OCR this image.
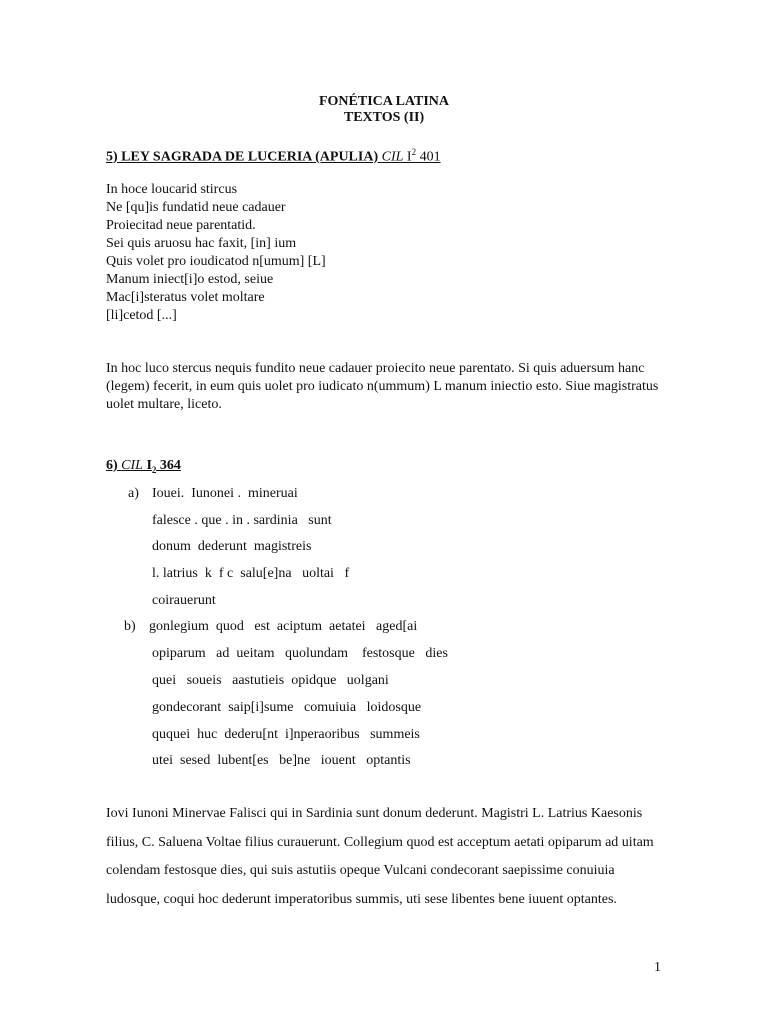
FONÉTICA LATINA
TEXTOS (II)
5) LEY SAGRADA DE LUCERIA (APULIA) CIL $I^2$ 401
In hoce loucarid stircus
Ne [qu]is fundatid neue cadauer
Proiecitad neue parentatid.
Sei quis aruosu hac faxit, [in] ium
Quis volet pro ioudicatod n[umum] [L]
Manum iniect[i]o estod, seiue
Mac[i]steratus volet moltare
[li]cetod [...]
In hoc luco stercus nequis fundito neue cadauer proiecito neue parentato. Si quis aduersum hanc (legem) fecerit, in eum quis uolet pro iudicato n(ummum) L manum iniectio esto. Siue magistratus uolet multare, liceto.
6) CIL $I_2$ 364
a) Iouei.  Iunonei .  mineruai
falesce . que . in . sardinia   sunt
donum  dederunt  magistreis
l. latrius  k  f c  salu[e]na   uoltai   f
coirauerunt
b) gonlegium  quod   est  aciptum  aetatei   aged[ai
opiparum   ad  ueitam   quolundam    festosque   dies
quei   soueis   aastutieis  opidque   uolgani
gondecorant  saip[i]sume   comuiuia   loidosque
ququei  huc  dederu[nt  i]nperaoribus   summeis
utei  sesed  lubent[es   be]ne   iouent   optantis
Iovi Iunoni Minervae Falisci qui in Sardinia sunt donum dederunt. Magistri L. Latrius Kaesonis filius, C. Saluena Voltae filius curauerunt. Collegium quod est acceptum aetati opiparum ad uitam colendam festosque dies, qui suis astutiis opeque Vulcani condecorant saepissime conuiuia ludosque, coqui hoc dederunt imperatoribus summis, uti sese libentes bene iuuent optantes.
1
